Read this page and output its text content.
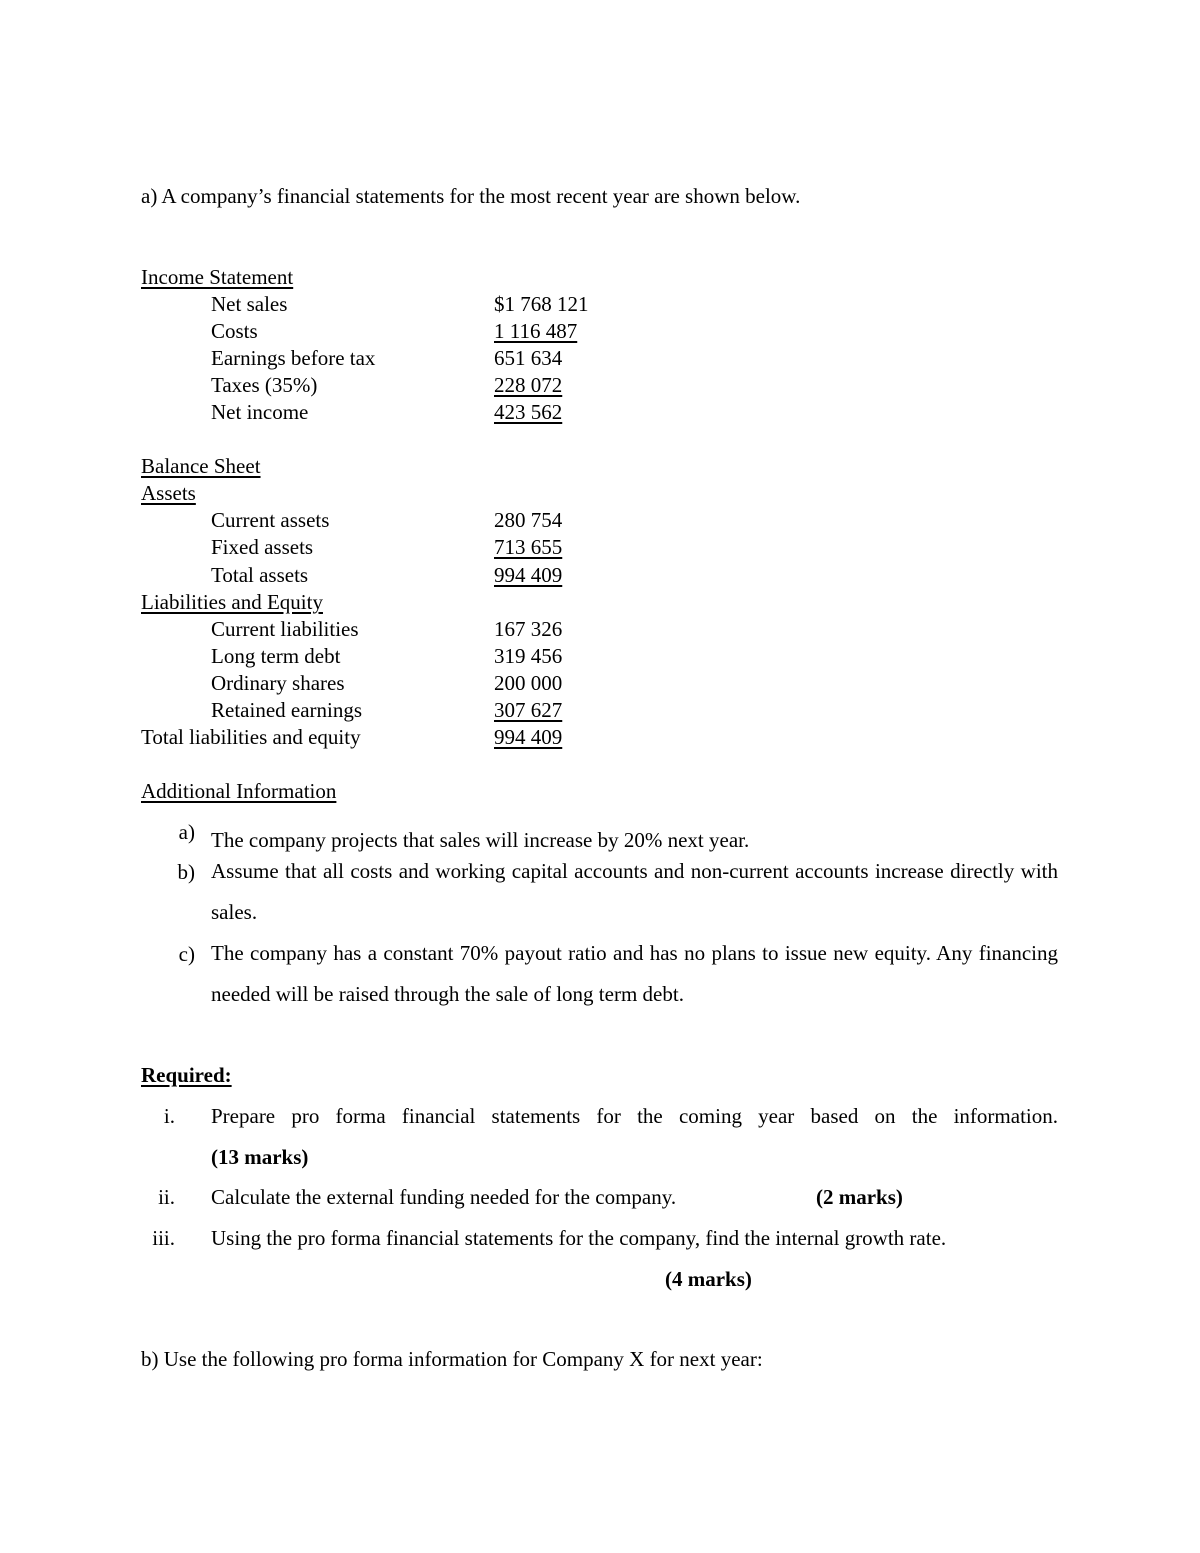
a) A company’s financial statements for the most recent year are shown below.
Income Statement
Net sales	$1 768 121
Costs	1 116 487
Earnings before tax	651 634
Taxes (35%)	228 072
Net income	423 562
Balance Sheet
Assets
Current assets	280 754
Fixed assets	713 655
Total assets	994 409
Liabilities and Equity
Current liabilities	167 326
Long term debt	319 456
Ordinary shares	200 000
Retained earnings	307 627
Total liabilities and equity	994 409
Additional Information
a) The company projects that sales will increase by 20% next year.
b) Assume that all costs and working capital accounts and non-current accounts increase directly with sales.
c) The company has a constant 70% payout ratio and has no plans to issue new equity. Any financing needed will be raised through the sale of long term debt.
Required:
i. Prepare pro forma financial statements for the coming year based on the information.
(13 marks)
ii. Calculate the external funding needed for the company.	(2 marks)
iii. Using the pro forma financial statements for the company, find the internal growth rate.
(4 marks)
b) Use the following pro forma information for Company X for next year:
